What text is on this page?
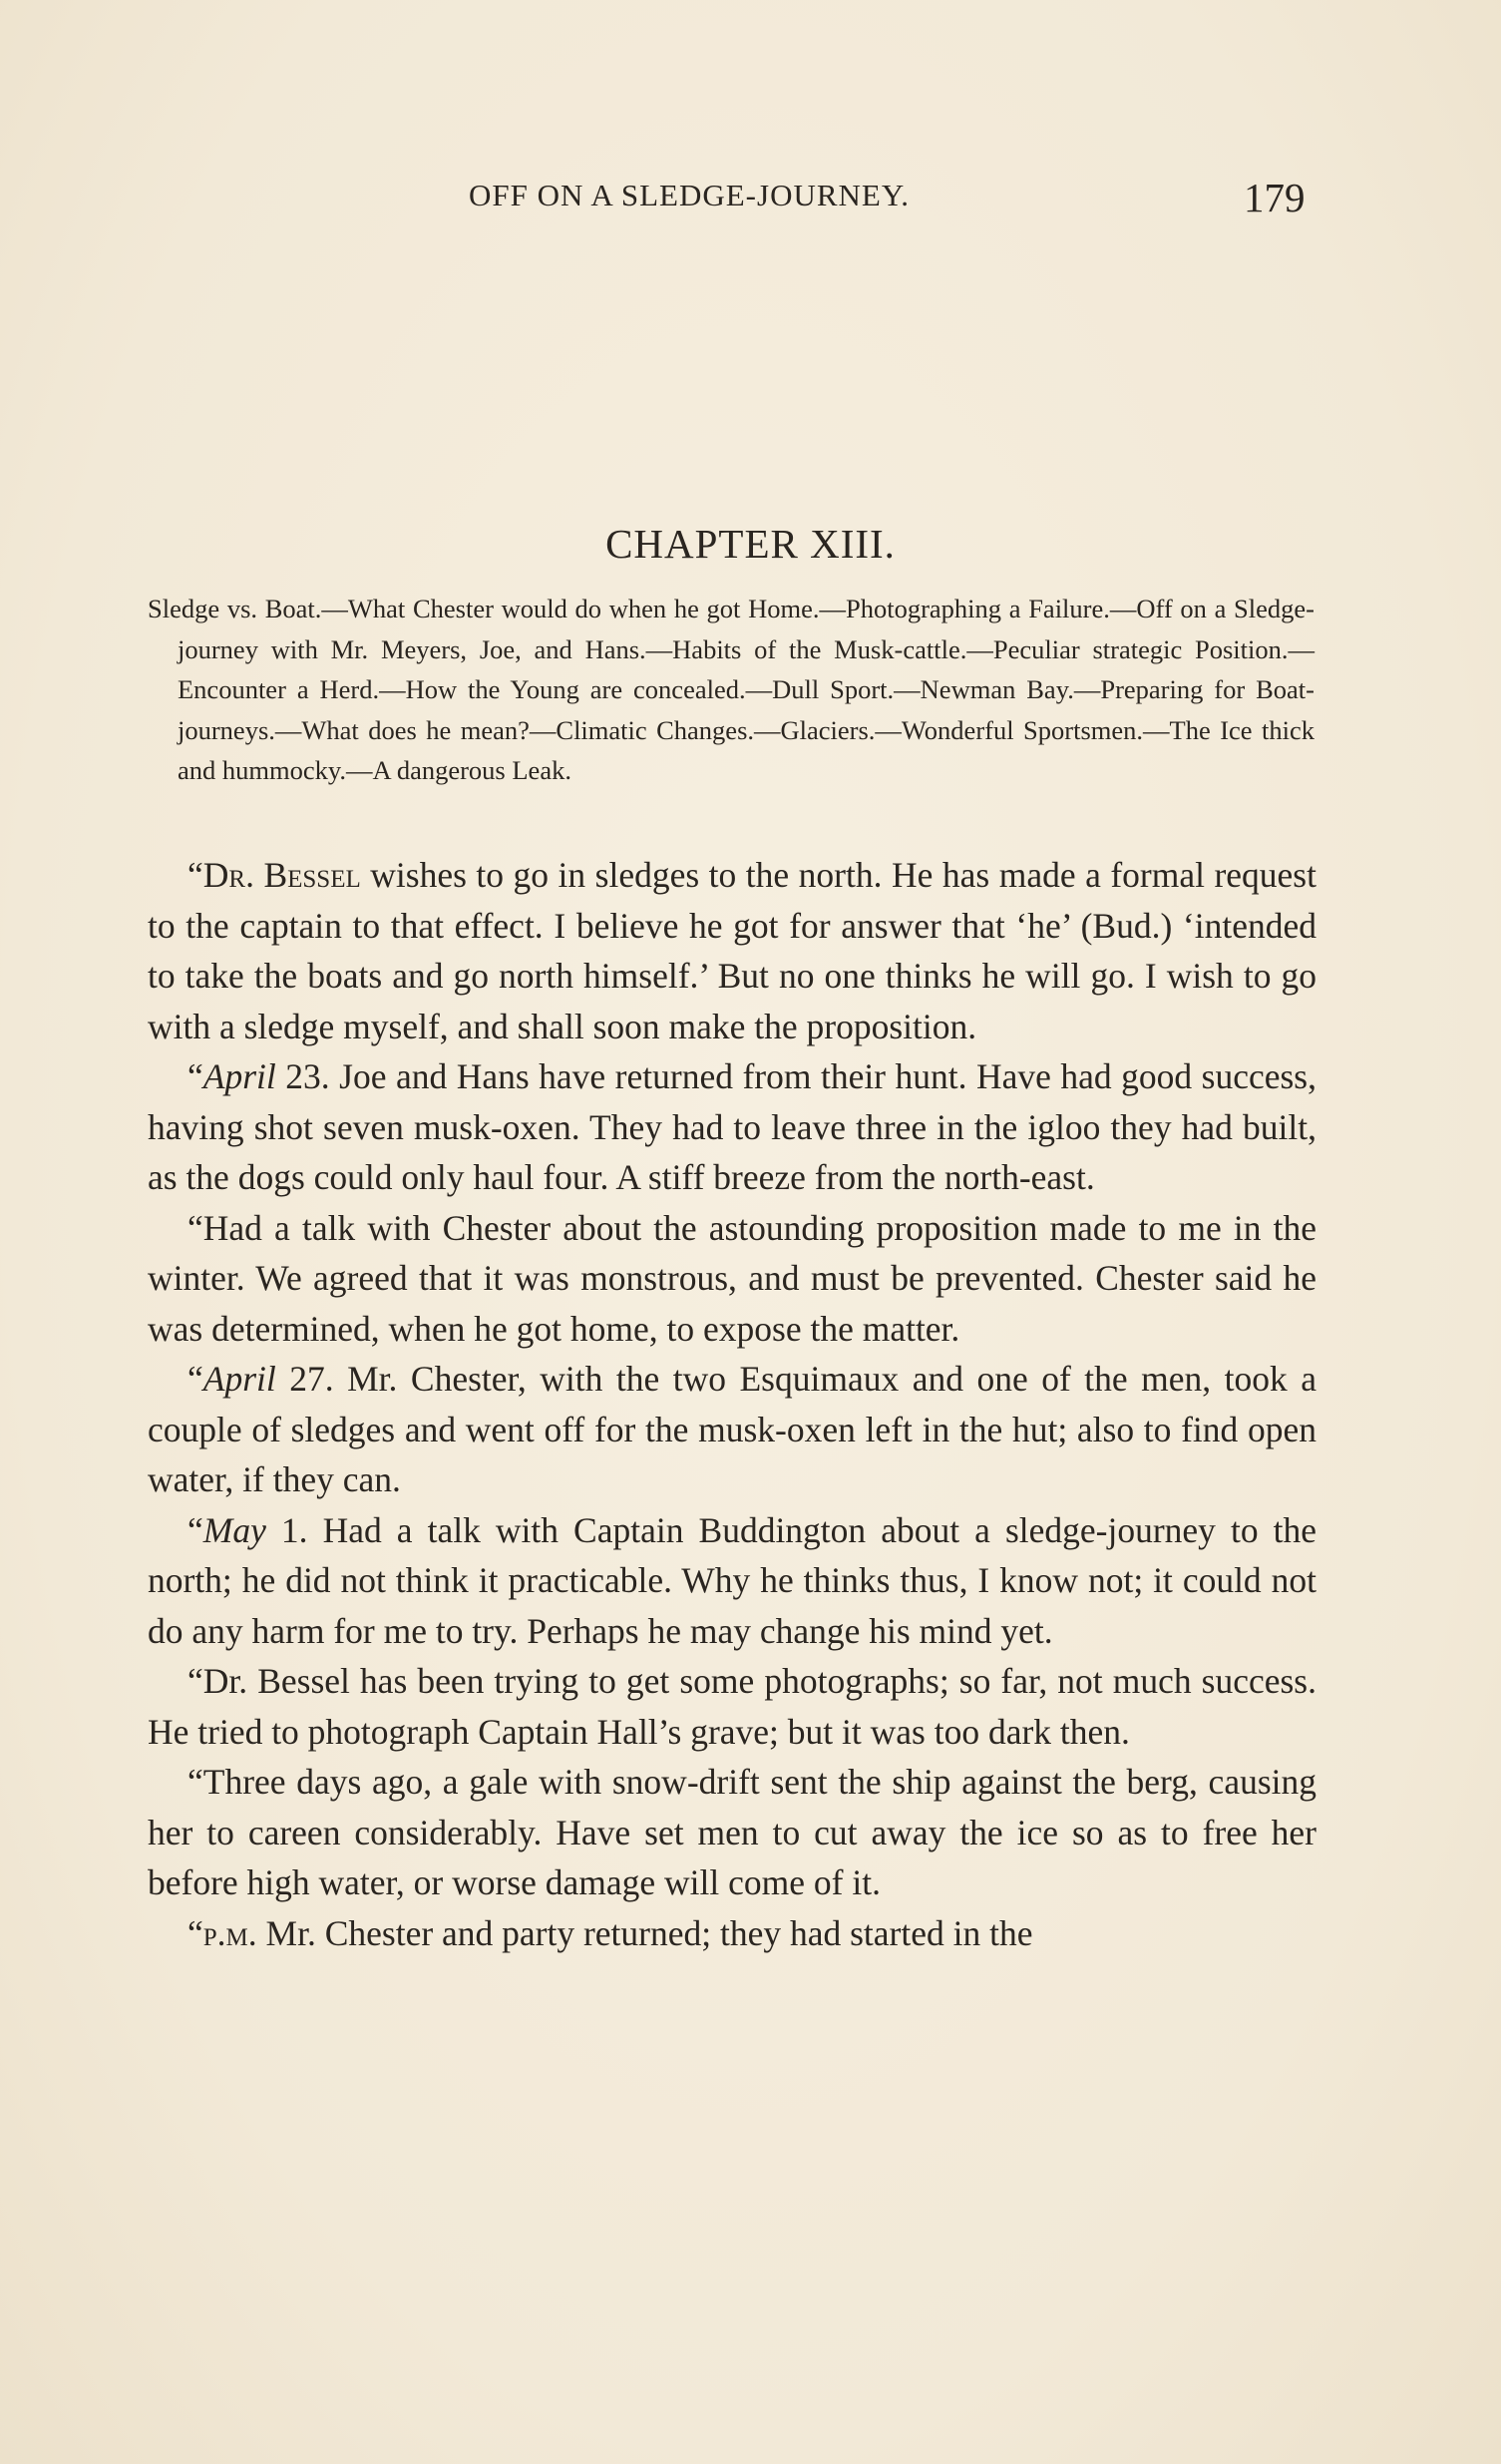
OFF ON A SLEDGE-JOURNEY.	179
CHAPTER XIII.

Sledge vs. Boat.—What Chester would do when he got Home.—Photographing a Failure.—Off on a Sledge-journey with Mr. Meyers, Joe, and Hans.—Habits of the Musk-cattle.—Peculiar strategic Position.—Encounter a Herd.—How the Young are concealed.—Dull Sport.—Newman Bay.—Preparing for Boat-journeys.—What does he mean?—Climatic Changes.—Glaciers.—Wonderful Sportsmen.—The Ice thick and hummocky.—A dangerous Leak.

“Dr. Bessel wishes to go in sledges to the north. He has made a formal request to the captain to that effect. I believe he got for answer that ‘he’ (Bud.) ‘intended to take the boats and go north himself.’ But no one thinks he will go. I wish to go with a sledge myself, and shall soon make the proposition.

“April 23. Joe and Hans have returned from their hunt. Have had good success, having shot seven musk-oxen. They had to leave three in the igloo they had built, as the dogs could only haul four. A stiff breeze from the north-east.

“Had a talk with Chester about the astounding proposition made to me in the winter. We agreed that it was monstrous, and must be prevented. Chester said he was determined, when he got home, to expose the matter.

“April 27. Mr. Chester, with the two Esquimaux and one of the men, took a couple of sledges and went off for the musk-oxen left in the hut; also to find open water, if they can.

“May 1. Had a talk with Captain Buddington about a sledge-journey to the north; he did not think it practicable. Why he thinks thus, I know not; it could not do any harm for me to try. Perhaps he may change his mind yet.

“Dr. Bessel has been trying to get some photographs; so far, not much success. He tried to photograph Captain Hall’s grave; but it was too dark then.

“Three days ago, a gale with snow-drift sent the ship against the berg, causing her to careen considerably. Have set men to cut away the ice so as to free her before high water, or worse damage will come of it.

“p.m. Mr. Chester and party returned; they had started in the
